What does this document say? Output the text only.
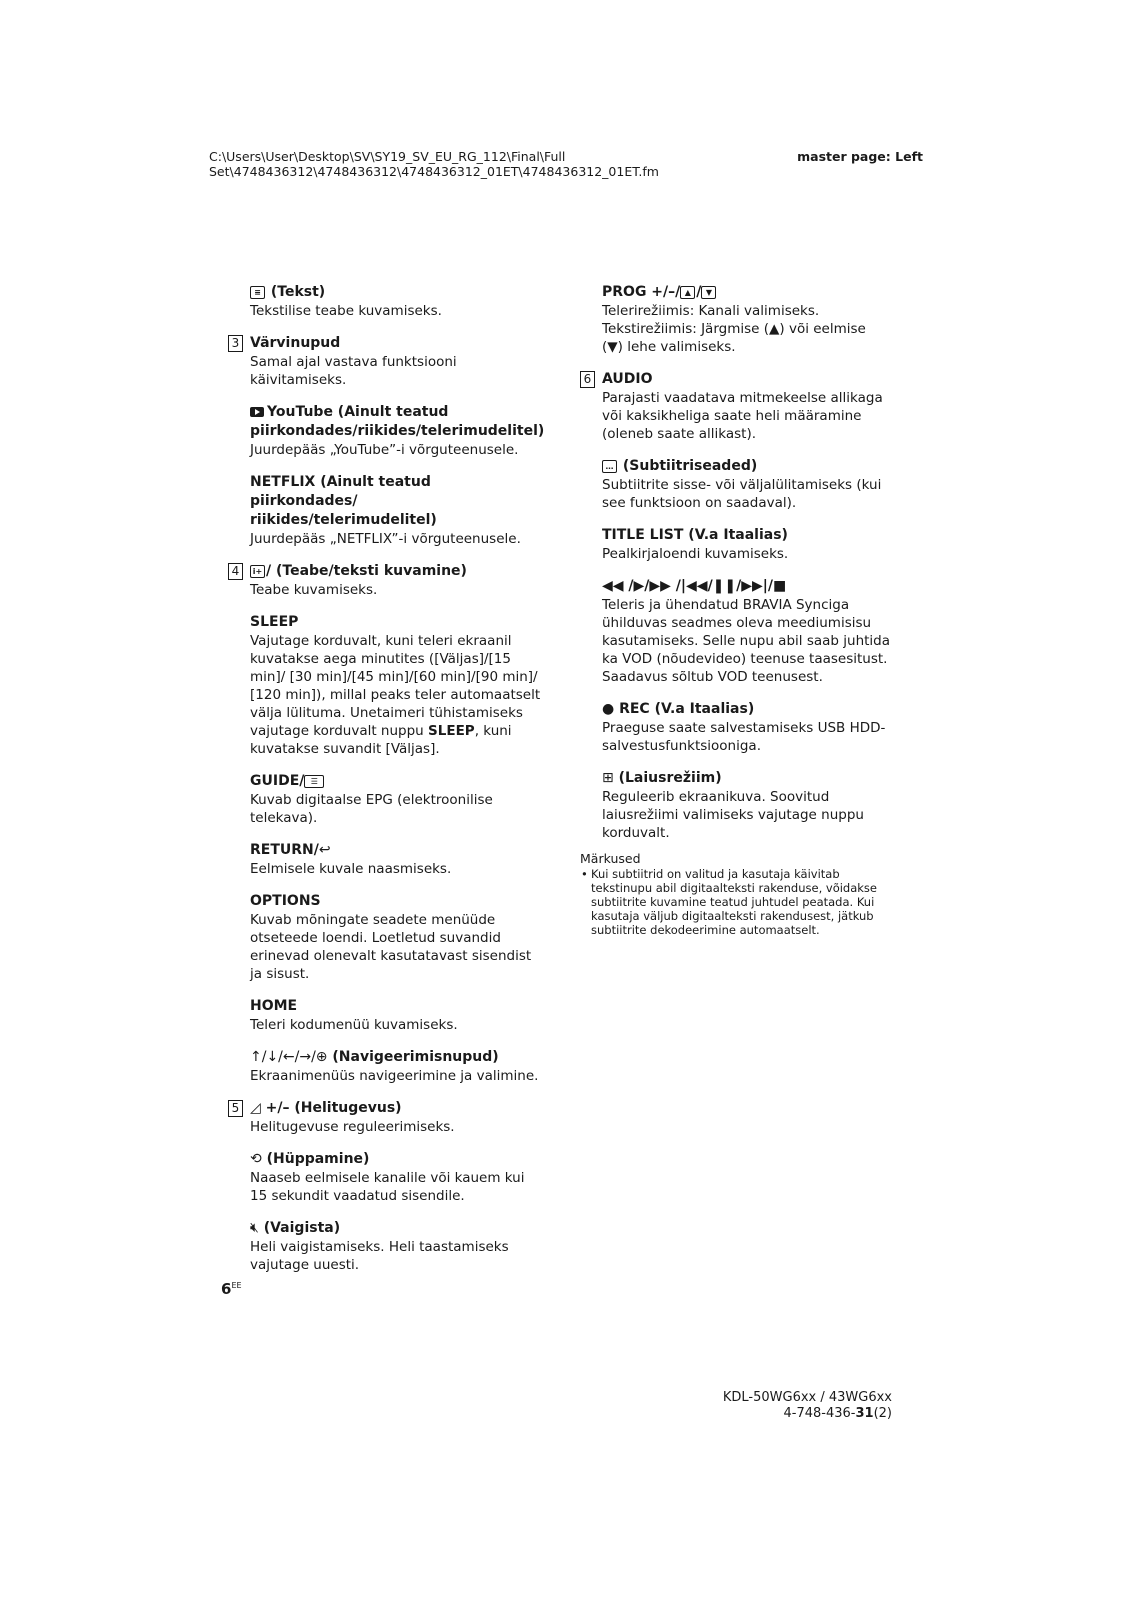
C:\Users\User\Desktop\SV\SY19_SV_EU_RG_112\Final\Full
Set\4748436312\4748436312\4748436312_01ET\4748436312_01ET.fm
master page: Left
≡ (Tekst)
Tekstilise teabe kuvamiseks.
3 Värvinupud
Samal ajal vastava funktsiooni käivitamiseks.
YouTube (Ainult teatud piirkondades/riikides/telerimudelitel)
Juurdepääs „YouTube”-i võrguteenusele.
NETFLIX (Ainult teatud piirkondades/ riikides/telerimudelitel)
Juurdepääs „NETFLIX”-i võrguteenusele.
4	i+ / (Teabe/teksti kuvamine)
Teabe kuvamiseks.
SLEEP
Vajutage korduvalt, kuni teleri ekraanil kuvatakse aega minutites ([Väljas]/[15 min]/ [30 min]/[45 min]/[60 min]/[90 min]/ [120 min]), millal peaks teler automaatselt välja lülituma. Unetaimeri tühistamiseks vajutage korduvalt nuppu SLEEP, kuni kuvatakse suvandit [Väljas].
GUIDE/ ☰
Kuvab digitaalse EPG (elektroonilise telekava).
RETURN/↩
Eelmisele kuvale naasmiseks.
OPTIONS
Kuvab mõningate seadete menüüde otseteede loendi. Loetletud suvandid erinevad olenevalt kasutatavast sisendist ja sisust.
HOME
Teleri kodumenüü kuvamiseks.
↑/↓/←/→/⊕ (Navigeerimisnupud)
Ekraanimenüüs navigeerimine ja valimine.
5 ◿ +/– (Helitugevus)
Helitugevuse reguleerimiseks.
⟲ (Hüppamine)
Naaseb eelmisele kanalile või kauem kui 15 sekundit vaadatud sisendile.
🔇︎ (Vaigista)
Heli vaigistamiseks. Heli taastamiseks vajutage uuesti.
PROG +/–/ ▲ / ▼
Telerirežiimis: Kanali valimiseks. Tekstirežiimis: Järgmise (▲) või eelmise (▼) lehe valimiseks.
6 AUDIO
Parajasti vaadatava mitmekeelse allikaga või kaksikheliga saate heli määramine (oleneb saate allikast).
… (Subtiitriseaded)
Subtiitrite sisse- või väljalülitamiseks (kui see funktsioon on saadaval).
TITLE LIST (V.a Itaalias)
Pealkirjaloendi kuvamiseks.
◀◀ /▶/▶▶ /|◀◀/❚❚/▶▶|/■
Teleris ja ühendatud BRAVIA Synciga ühilduvas seadmes oleva meediumisisu kasutamiseks. Selle nupu abil saab juhtida ka VOD (nõudevideo) teenuse taasesitust. Saadavus sõltub VOD teenusest.
● REC (V.a Itaalias)
Praeguse saate salvestamiseks USB HDD-salvestusfunktsiooniga.
⊞ (Laiusrežiim)
Reguleerib ekraanikuva. Soovitud laiusrežiimi valimiseks vajutage nuppu korduvalt.
Märkused
• Kui subtiitrid on valitud ja kasutaja käivitab tekstinupu abil digitaalteksti rakenduse, võidakse subtiitrite kuvamine teatud juhtudel peatada. Kui kasutaja väljub digitaalteksti rakendusest, jätkub subtiitrite dekodeerimine automaatselt.
$6^{EE}$
KDL-50WG6xx / 43WG6xx
4-748-436-31(2)
